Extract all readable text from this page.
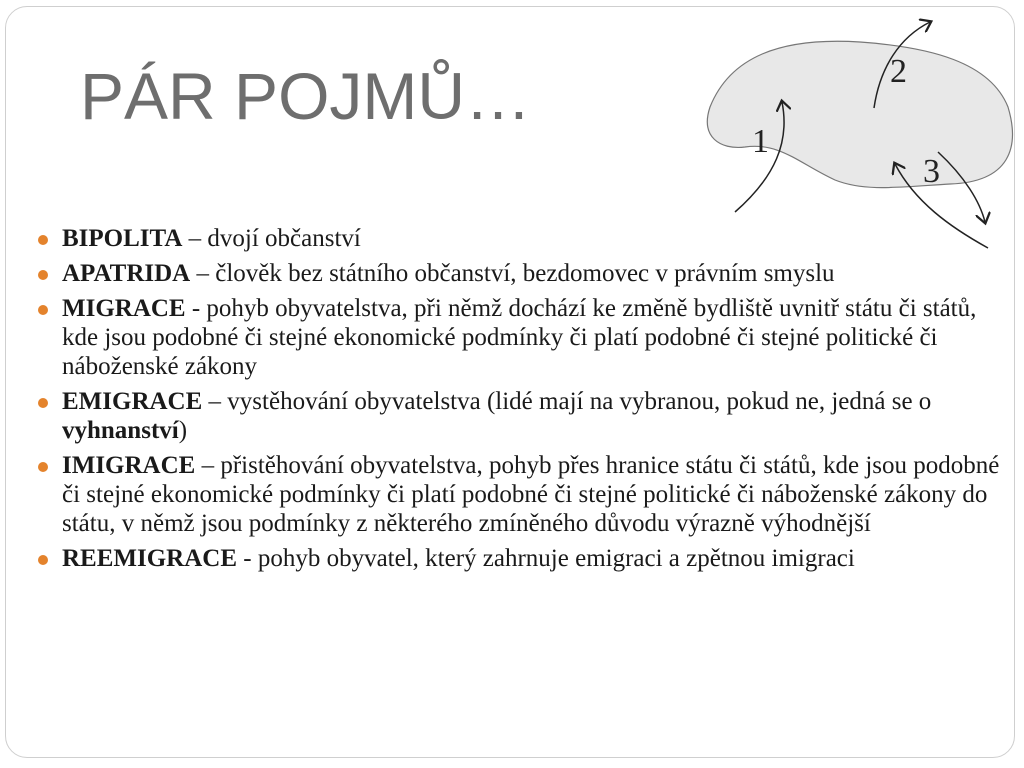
PÁR POJMŮ…
1
2
3
BIPOLITA – dvojí občanství
APATRIDA – člověk bez státního občanství, bezdomovec v právním smyslu
MIGRACE - pohyb obyvatelstva, při němž dochází ke změně bydliště uvnitř státu či států, kde jsou podobné či stejné ekonomické podmínky či platí podobné či stejné politické či náboženské zákony
EMIGRACE – vystěhování obyvatelstva (lidé mají na vybranou, pokud ne, jedná se o vyhnanství)
IMIGRACE – přistěhování obyvatelstva, pohyb přes hranice státu či států, kde jsou podobné či stejné ekonomické podmínky či platí podobné či stejné politické či náboženské zákony do státu, v němž jsou podmínky z některého zmíněného důvodu výrazně výhodnější
REEMIGRACE - pohyb obyvatel, který zahrnuje emigraci a zpětnou imigraci
